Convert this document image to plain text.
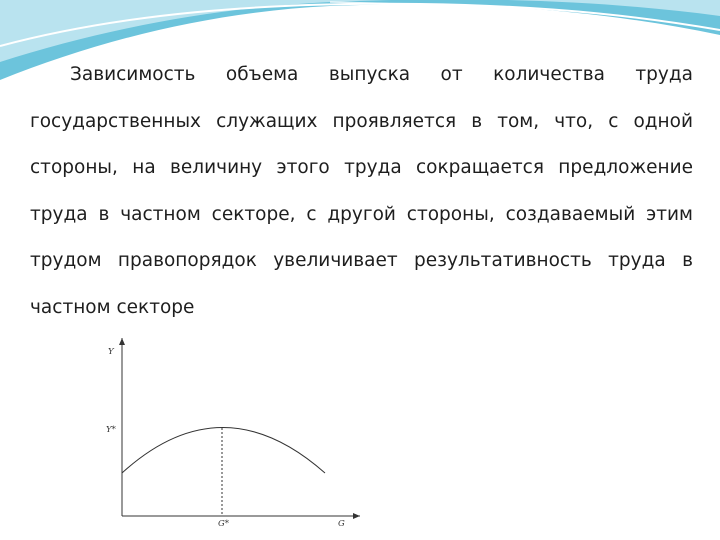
Зависимость объема выпуска от количества труда государственных служащих проявляется в том, что, с одной стороны, на величину этого труда сокращается предложение труда в частном секторе, с другой стороны, создаваемый этим трудом правопорядок увеличивает результативность труда в частном секторе

Y
Y*
G*	G
